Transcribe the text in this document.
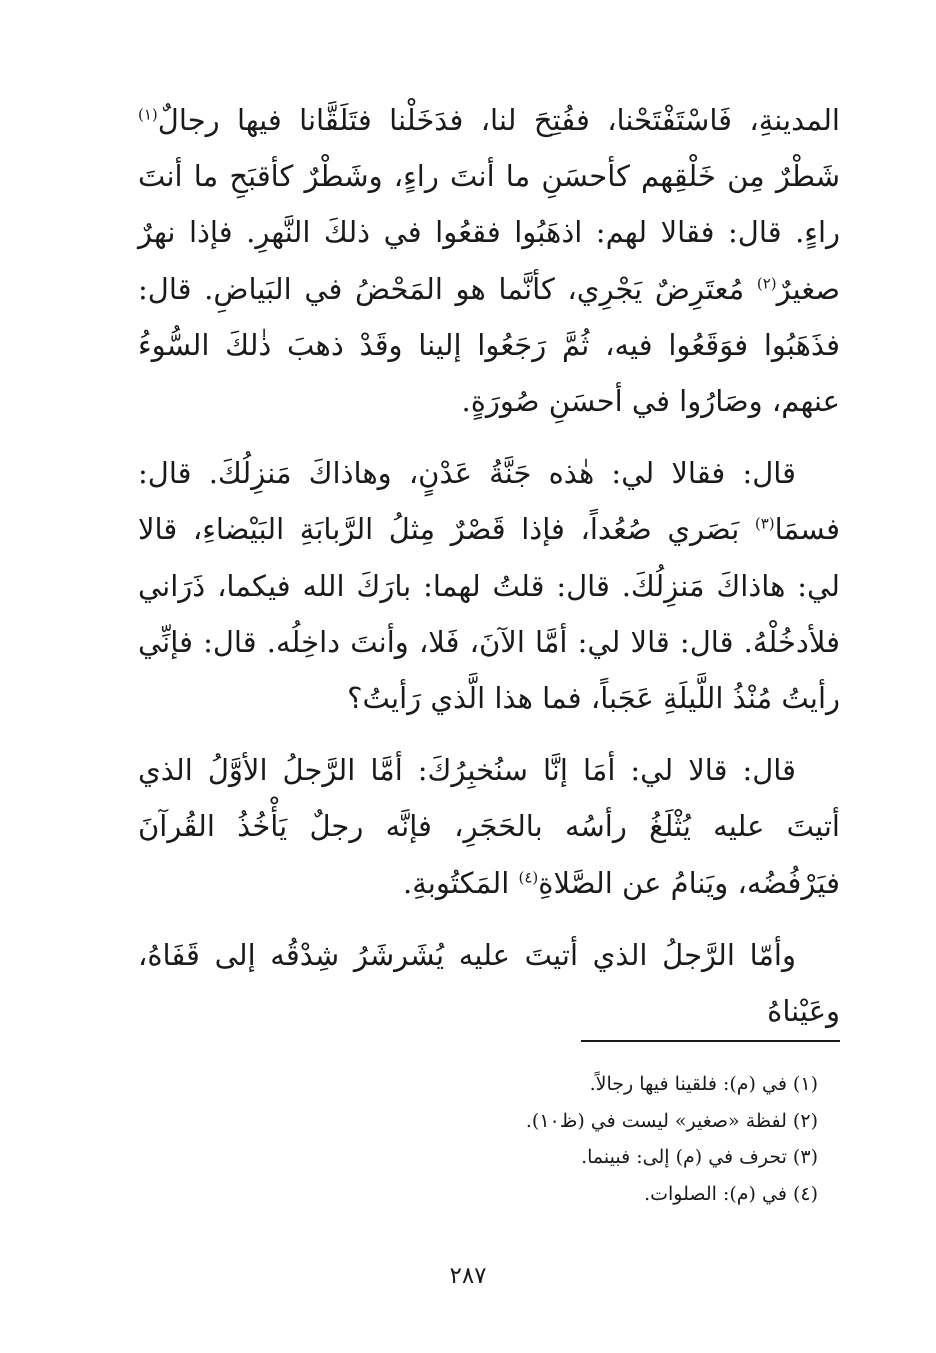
المدينةِ، فَاسْتَفْتَحْنا، ففُتِحَ لنا، فدَخَلْنا فتَلَقَّانا فيها رجالٌ$^{(١)}$ شَطْرٌ مِن خَلْقِهم كأحسَنِ ما أنتَ راءٍ، وشَطْرٌ كأقبَحِ ما أنتَ راءٍ. قال: فقالا لهم: اذهَبُوا فقعُوا في ذلكَ النَّهرِ. فإذا نهرٌ صغيرٌ$^{(٢)}$ مُعتَرِضٌ يَجْرِي، كأنَّما هو المَحْضُ في البَياضِ. قال: فذَهَبُوا فوَقَعُوا فيه، ثُمَّ رَجَعُوا إلينا وقَدْ ذهبَ ذٰلكَ السُّوءُ عنهم، وصَارُوا في أحسَنِ صُورَةٍ.

قال: فقالا لي: هٰذه جَنَّةُ عَدْنٍ، وهاذاكَ مَنزِلُكَ. قال: فسمَا$^{(٣)}$ بَصَري صُعُداً، فإذا قَصْرٌ مِثلُ الرَّبابَةِ البَيْضاءِ، قالا لي: هاذاكَ مَنزِلُكَ. قال: قلتُ لهما: بارَكَ الله فيكما، ذَرَاني فلأدخُلْهُ. قال: قالا لي: أمَّا الآنَ، فَلا، وأنتَ داخِلُه. قال: فإنِّي رأيتُ مُنْذُ اللَّيلَةِ عَجَباً، فما هذا الَّذي رَأيتُ؟

قال: قالا لي: أمَا إنَّا سنُخبِرُكَ: أمَّا الرَّجلُ الأوَّلُ الذي أتيتَ عليه يُثْلَغُ رأسُه بالحَجَرِ، فإنَّه رجلٌ يَأْخُذُ القُرآنَ فيَرْفُضُه، ويَنامُ عن الصَّلاةِ$^{(٤)}$ المَكتُوبةِ.

وأمّا الرَّجلُ الذي أتيتَ عليه يُشَرشَرُ شِدْقُه إلى قَفَاهُ، وعَيْناهُ

(١) في (م): فلقينا فيها رجالاً.
(٢) لفظة «صغير» ليست في (ظ١٠).
(٣) تحرف في (م) إلى: فبينما.
(٤) في (م): الصلوات.
٢٨٧
